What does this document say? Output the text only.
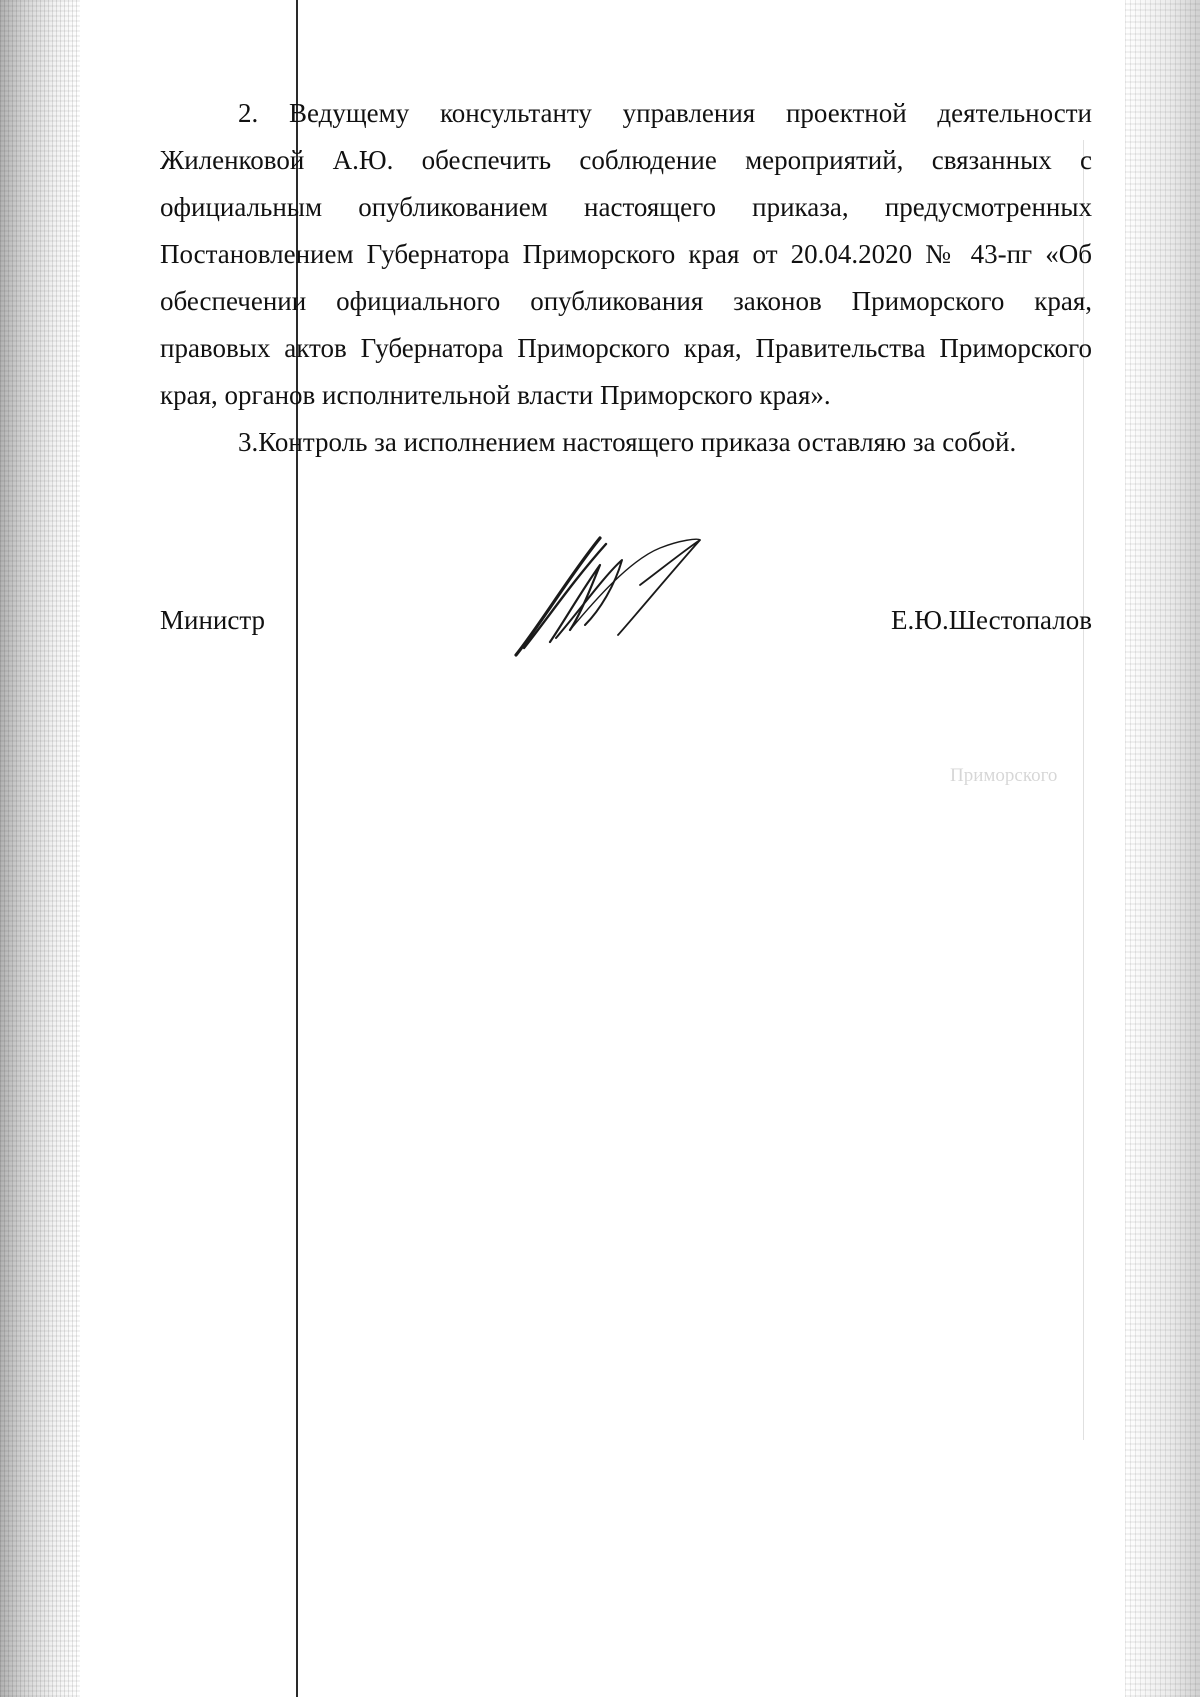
Приморского

2. Ведущему консультанту управления проектной деятельности Жиленковой А.Ю. обеспечить соблюдение мероприятий, связанных с официальным опубликованием настоящего приказа, предусмотренных Постановлением Губернатора Приморского края от 20.04.2020 № 43-пг «Об обеспечении официального опубликования законов Приморского края, правовых актов Губернатора Приморского края, Правительства Приморского края, органов исполнительной власти Приморского края».

3.Контроль за исполнением настоящего приказа оставляю за собой.

Министр	Е.Ю.Шестопалов
